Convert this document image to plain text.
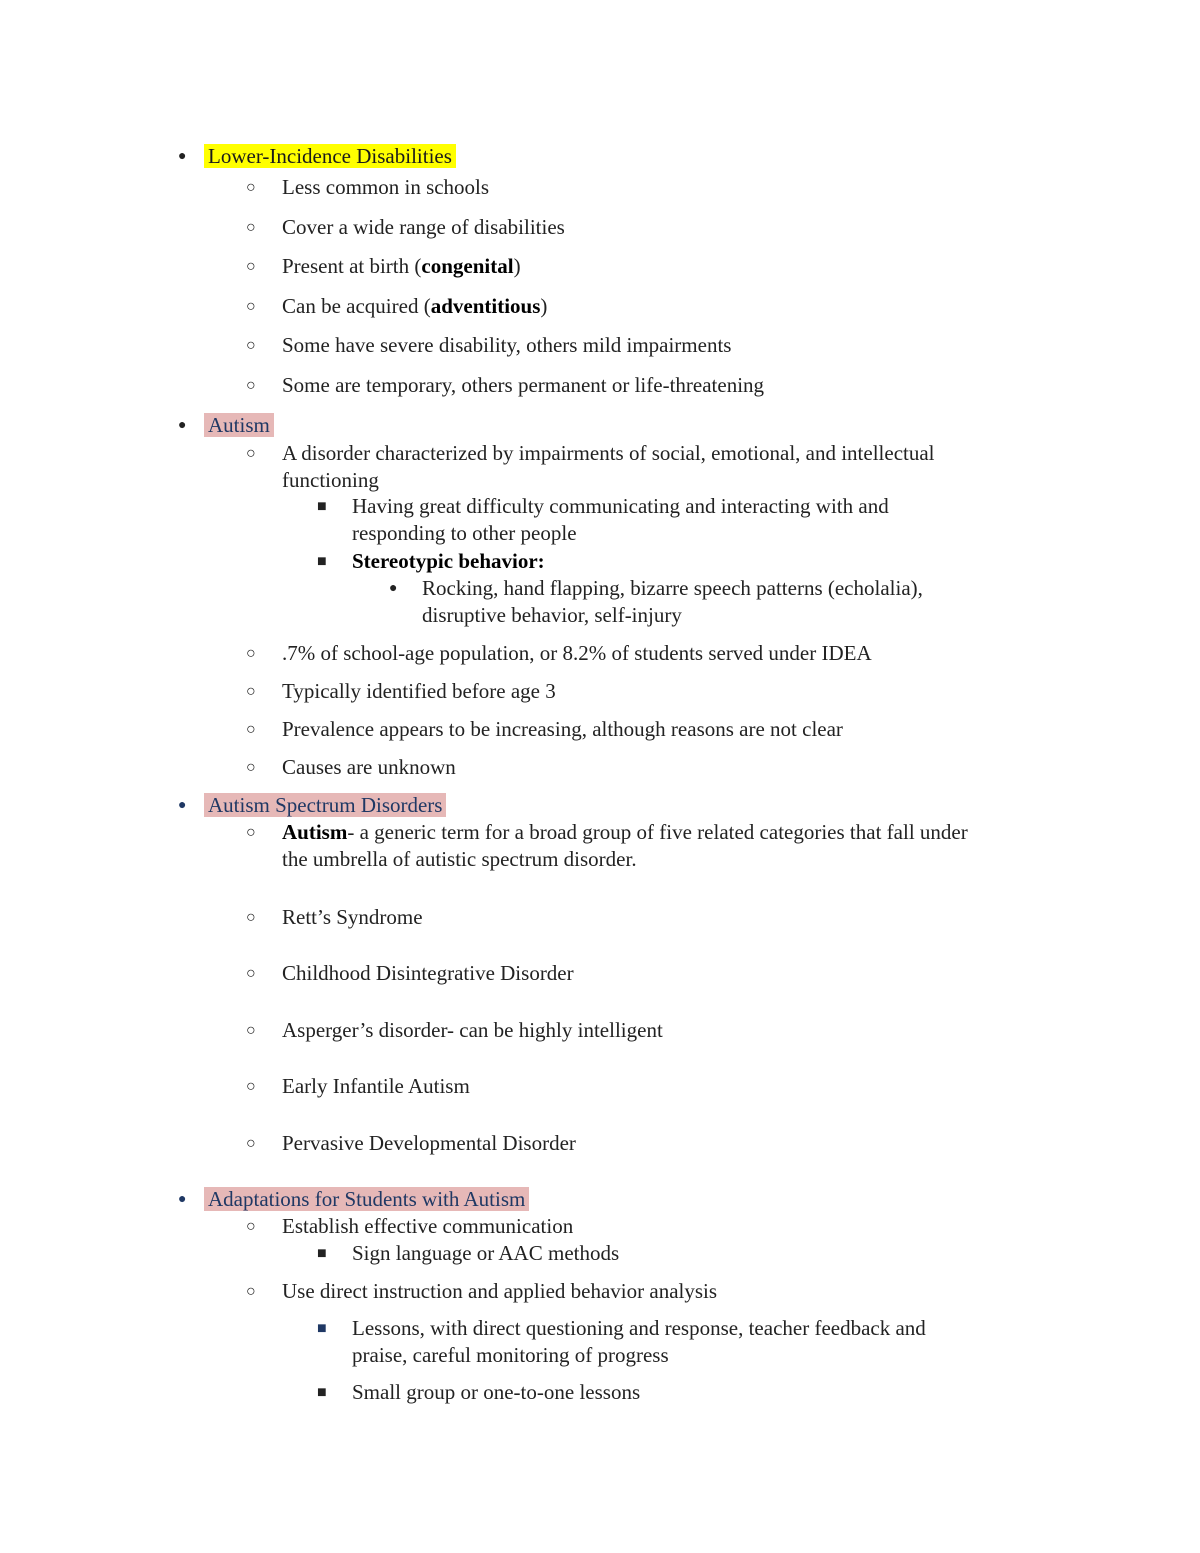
● Lower-Incidence Disabilities
○ Less common in schools
○ Cover a wide range of disabilities
○ Present at birth (congenital)
○ Can be acquired (adventitious)
○ Some have severe disability, others mild impairments
○ Some are temporary, others permanent or life-threatening
● Autism
○ A disorder characterized by impairments of social, emotional, and intellectual
functioning
■ Having great difficulty communicating and interacting with and
responding to other people
■ Stereotypic behavior:
● Rocking, hand flapping, bizarre speech patterns (echolalia),
disruptive behavior, self-injury
○ .7% of school-age population, or 8.2% of students served under IDEA
○ Typically identified before age 3
○ Prevalence appears to be increasing, although reasons are not clear
○ Causes are unknown
● Autism Spectrum Disorders
○ Autism- a generic term for a broad group of five related categories that fall under
the umbrella of autistic spectrum disorder.
○ Rett’s Syndrome
○ Childhood Disintegrative Disorder
○ Asperger’s disorder- can be highly intelligent
○ Early Infantile Autism
○ Pervasive Developmental Disorder
● Adaptations for Students with Autism
○ Establish effective communication
■ Sign language or AAC methods
○ Use direct instruction and applied behavior analysis
■ Lessons, with direct questioning and response, teacher feedback and
praise, careful monitoring of progress
■ Small group or one-to-one lessons
